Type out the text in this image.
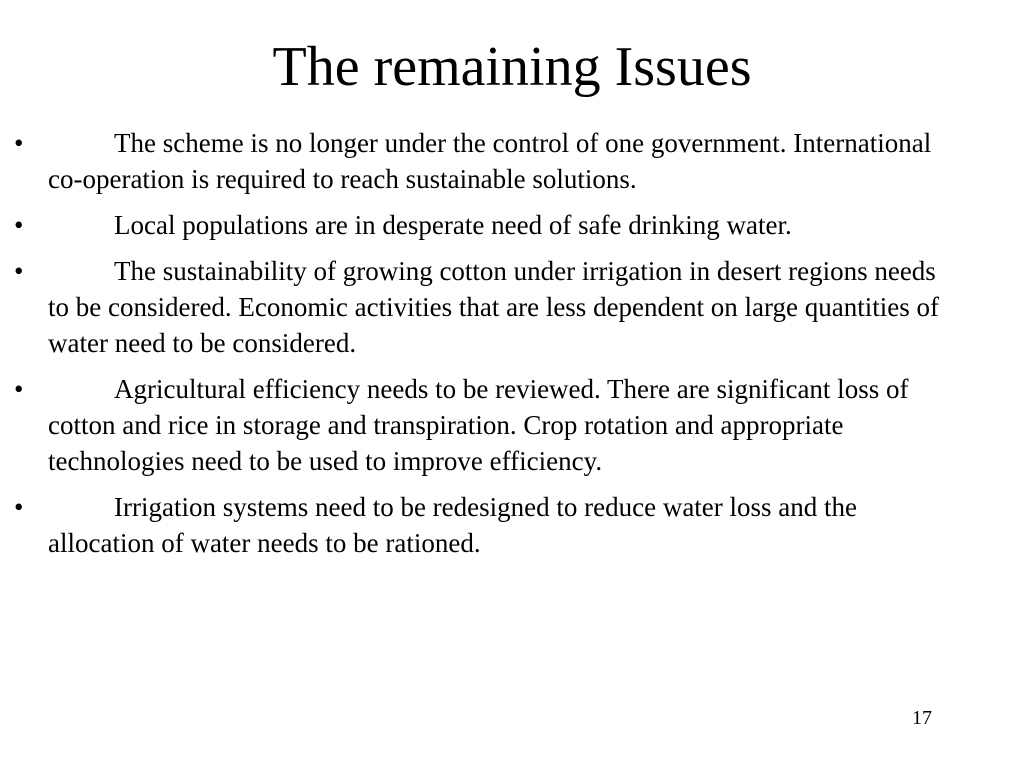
The remaining Issues
•	The scheme is no longer under the control of one government. International co-operation is required to reach sustainable solutions.
•	Local populations are in desperate need of safe drinking water.
•	The sustainability of growing cotton under irrigation in desert regions needs to be considered. Economic activities that are less dependent on large quantities of water need to be considered.
•	Agricultural efficiency needs to be reviewed. There are significant loss of cotton and rice in storage and transpiration. Crop rotation and appropriate technologies need to be used to improve efficiency.
•	Irrigation systems need to be redesigned to reduce water loss and the allocation of water needs to be rationed.
17
